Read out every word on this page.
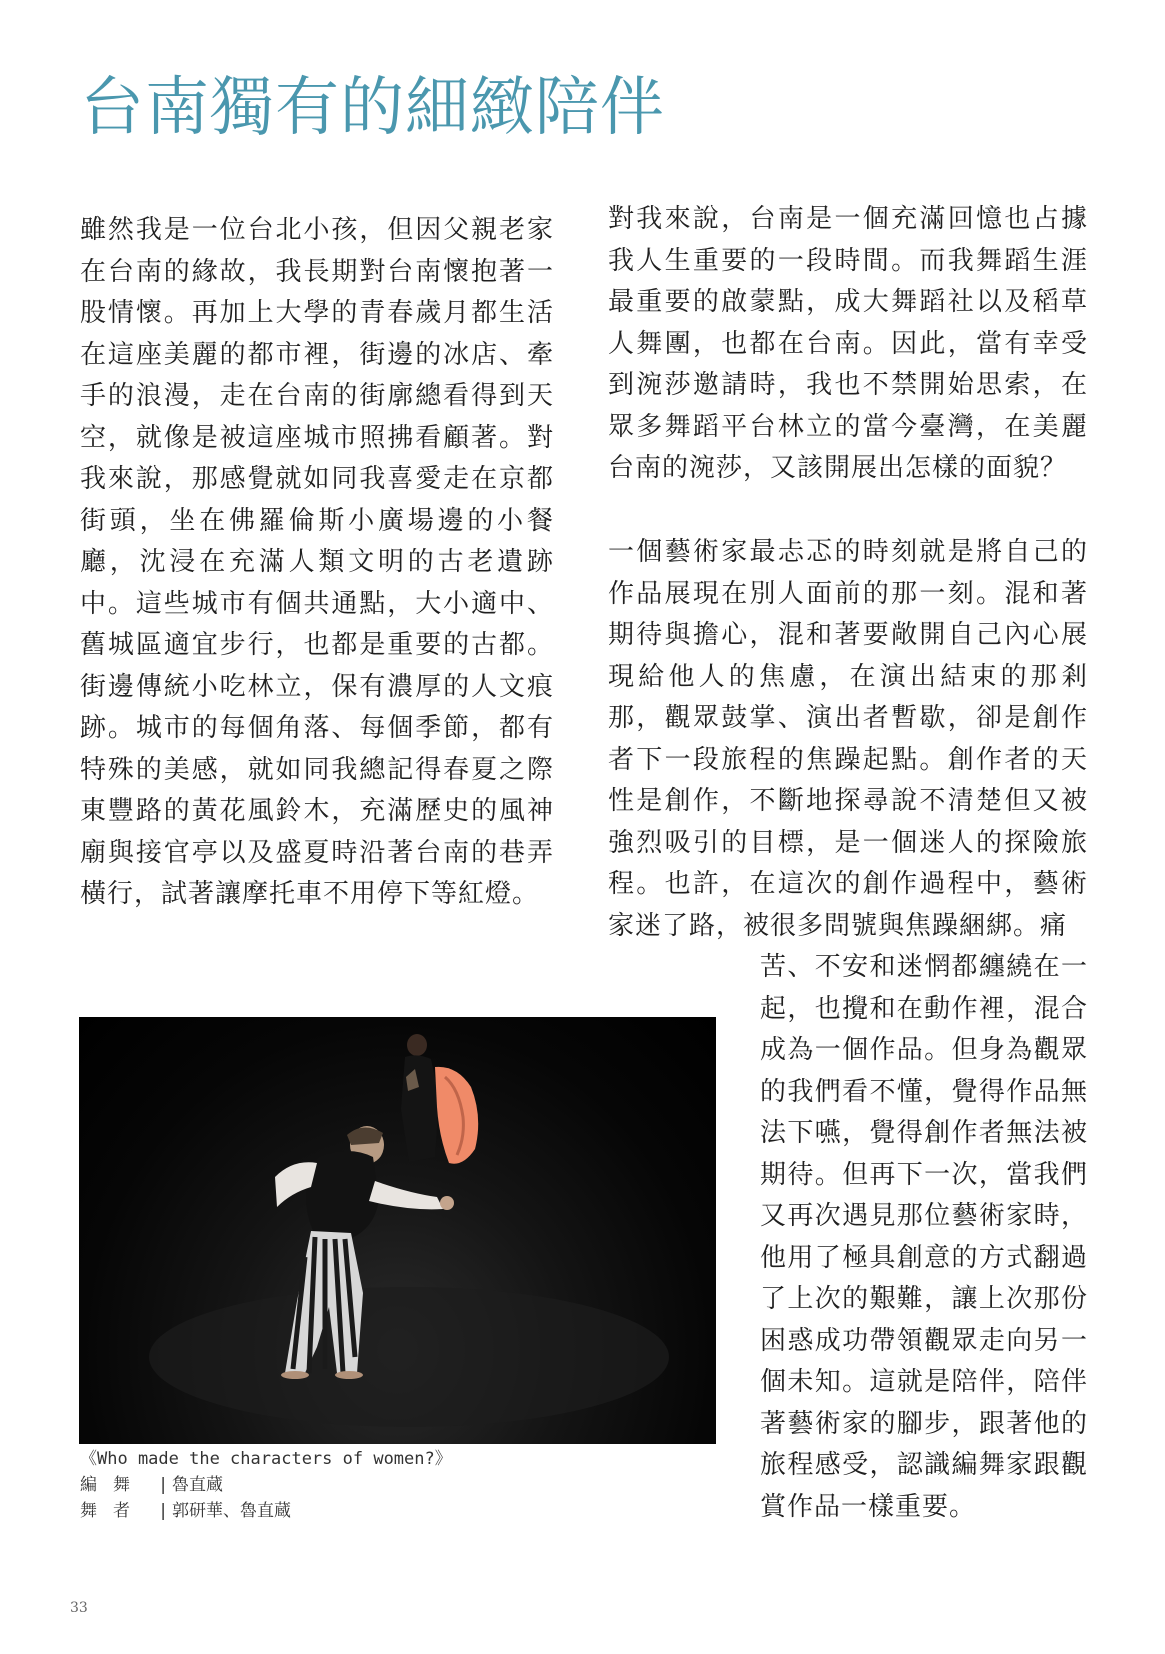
台南獨有的細緻陪伴

雖然我是一位台北小孩，但因父親老家在台南的緣故，我長期對台南懷抱著一股情懷。再加上大學的青春歲月都生活在這座美麗的都市裡，街邊的冰店、牽手的浪漫，走在台南的街廓總看得到天空，就像是被這座城市照拂看顧著。對我來說，那感覺就如同我喜愛走在京都街頭，坐在佛羅倫斯小廣場邊的小餐廳，沈浸在充滿人類文明的古老遺跡中。這些城市有個共通點，大小適中、舊城區適宜步行，也都是重要的古都。街邊傳統小吃林立，保有濃厚的人文痕跡。城市的每個角落、每個季節，都有特殊的美感，就如同我總記得春夏之際東豐路的黃花風鈴木，充滿歷史的風神廟與接官亭以及盛夏時沿著台南的巷弄橫行，試著讓摩托車不用停下等紅燈。

對我來說，台南是一個充滿回憶也占據我人生重要的一段時間。而我舞蹈生涯最重要的啟蒙點，成大舞蹈社以及稻草人舞團，也都在台南。因此，當有幸受到涴莎邀請時，我也不禁開始思索，在眾多舞蹈平台林立的當今臺灣，在美麗台南的涴莎，又該開展出怎樣的面貌？

一個藝術家最忐忑的時刻就是將自己的作品展現在別人面前的那一刻。混和著期待與擔心，混和著要敞開自己內心展現給他人的焦慮，在演出結束的那剎那，觀眾鼓掌、演出者暫歇，卻是創作者下一段旅程的焦躁起點。創作者的天性是創作，不斷地探尋說不清楚但又被強烈吸引的目標，是一個迷人的探險旅程。也許，在這次的創作過程中，藝術家迷了路，被很多問號與焦躁綑綁。痛

苦、不安和迷惘都纏繞在一起，也攪和在動作裡，混合成為一個作品。但身為觀眾的我們看不懂，覺得作品無法下嚥，覺得創作者無法被期待。但再下一次，當我們又再次遇見那位藝術家時，他用了極具創意的方式翻過了上次的艱難，讓上次那份困惑成功帶領觀眾走向另一個未知。這就是陪伴，陪伴著藝術家的腳步，跟著他的旅程感受，認識編舞家跟觀賞作品一樣重要。

《Who made the characters of women?》
編舞 | 魯直蔵
舞者 | 郭研華、魯直蔵
33
